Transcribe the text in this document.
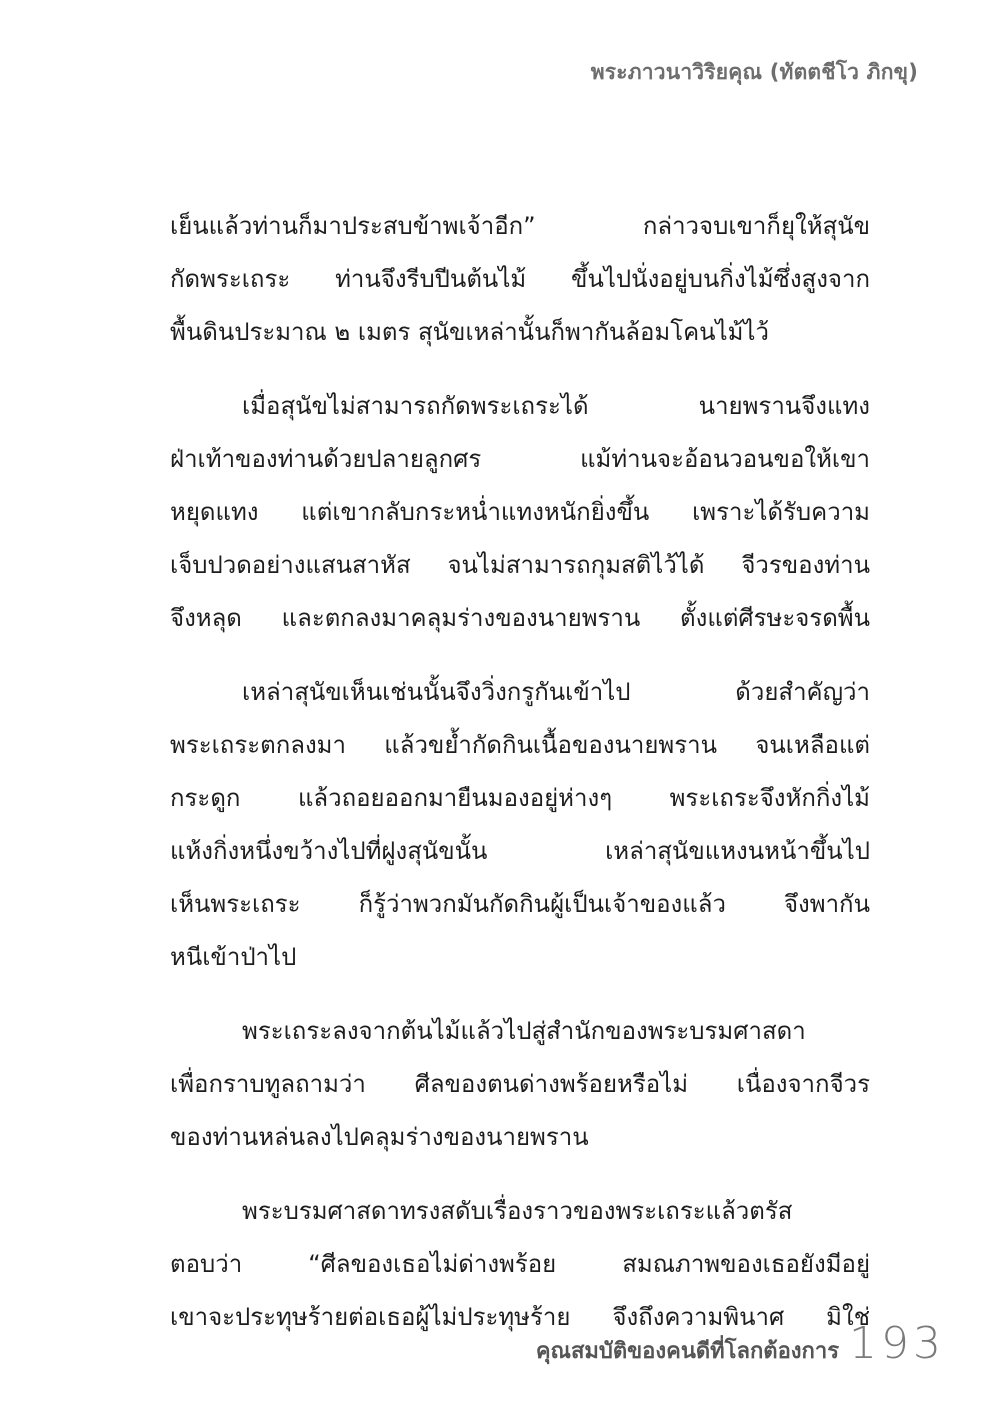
พระภาวนาวิริยคุณ (ทัตตชีโว ภิกขุ)
เย็นแล้วท่านก็มาประสบข้าพเจ้าอีก” กล่าวจบเขาก็ยุให้สุนัข
กัดพระเถระ ท่านจึงรีบปีนต้นไม้ ขึ้นไปนั่งอยู่บนกิ่งไม้ซึ่งสูงจาก
พื้นดินประมาณ ๒ เมตร สุนัขเหล่านั้นก็พากันล้อมโคนไม้ไว้
เมื่อสุนัขไม่สามารถกัดพระเถระได้ นายพรานจึงแทง
ฝ่าเท้าของท่านด้วยปลายลูกศร แม้ท่านจะอ้อนวอนขอให้เขา
หยุดแทง แต่เขากลับกระหน่ำแทงหนักยิ่งขึ้น เพราะได้รับความ
เจ็บปวดอย่างแสนสาหัส จนไม่สามารถกุมสติไว้ได้ จีวรของท่าน
จึงหลุด และตกลงมาคลุมร่างของนายพราน ตั้งแต่ศีรษะจรดพื้น
เหล่าสุนัขเห็นเช่นนั้นจึงวิ่งกรูกันเข้าไป ด้วยสำคัญว่า
พระเถระตกลงมา แล้วขย้ำกัดกินเนื้อของนายพราน จนเหลือแต่
กระดูก แล้วถอยออกมายืนมองอยู่ห่างๆ พระเถระจึงหักกิ่งไม้
แห้งกิ่งหนึ่งขว้างไปที่ฝูงสุนัขนั้น เหล่าสุนัขแหงนหน้าขึ้นไป
เห็นพระเถระ ก็รู้ว่าพวกมันกัดกินผู้เป็นเจ้าของแล้ว จึงพากัน
หนีเข้าป่าไป
พระเถระลงจากต้นไม้แล้วไปสู่สำนักของพระบรมศาสดา
เพื่อกราบทูลถามว่า ศีลของตนด่างพร้อยหรือไม่ เนื่องจากจีวร
ของท่านหล่นลงไปคลุมร่างของนายพราน
พระบรมศาสดาทรงสดับเรื่องราวของพระเถระแล้วตรัส
ตอบว่า “ศีลของเธอไม่ด่างพร้อย สมณภาพของเธอยังมีอยู่
เขาจะประทุษร้ายต่อเธอผู้ไม่ประทุษร้าย จึงถึงความพินาศ มิใช่
คุณสมบัติของคนดีที่โลกต้องการ 193
